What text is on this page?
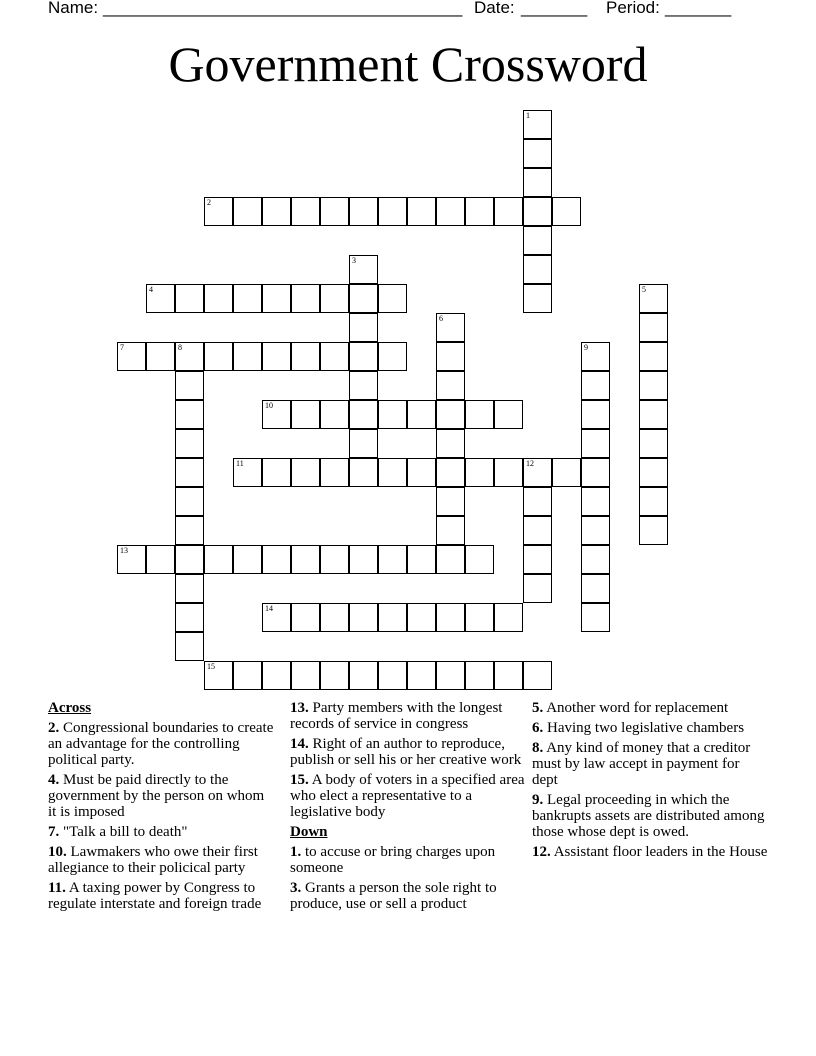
Name:

______________________________________

Date:

_______

Period:

_______

Government Crossword
1
2
3
4	5
6
7	8	9
10
11	12
13
14
15
Across
2. Congressional boundaries to create an advantage for the controlling political party.
4. Must be paid directly to the government by the person on whom it is imposed
7. "Talk a bill to death"
10. Lawmakers who owe their first allegiance to their policical party
11. A taxing power by Congress to regulate interstate and foreign trade
13. Party members with the longest records of service in congress
14. Right of an author to reproduce, publish or sell his or her creative work
15. A body of voters in a specified area who elect a representative to a legislative body
Down
1. to accuse or bring charges upon someone
3. Grants a person the sole right to produce, use or sell a product
5. Another word for replacement
6. Having two legislative chambers
8. Any kind of money that a creditor must by law accept in payment for dept
9. Legal proceeding in which the bankrupts assets are distributed among those whose dept is owed.
12. Assistant floor leaders in the House
